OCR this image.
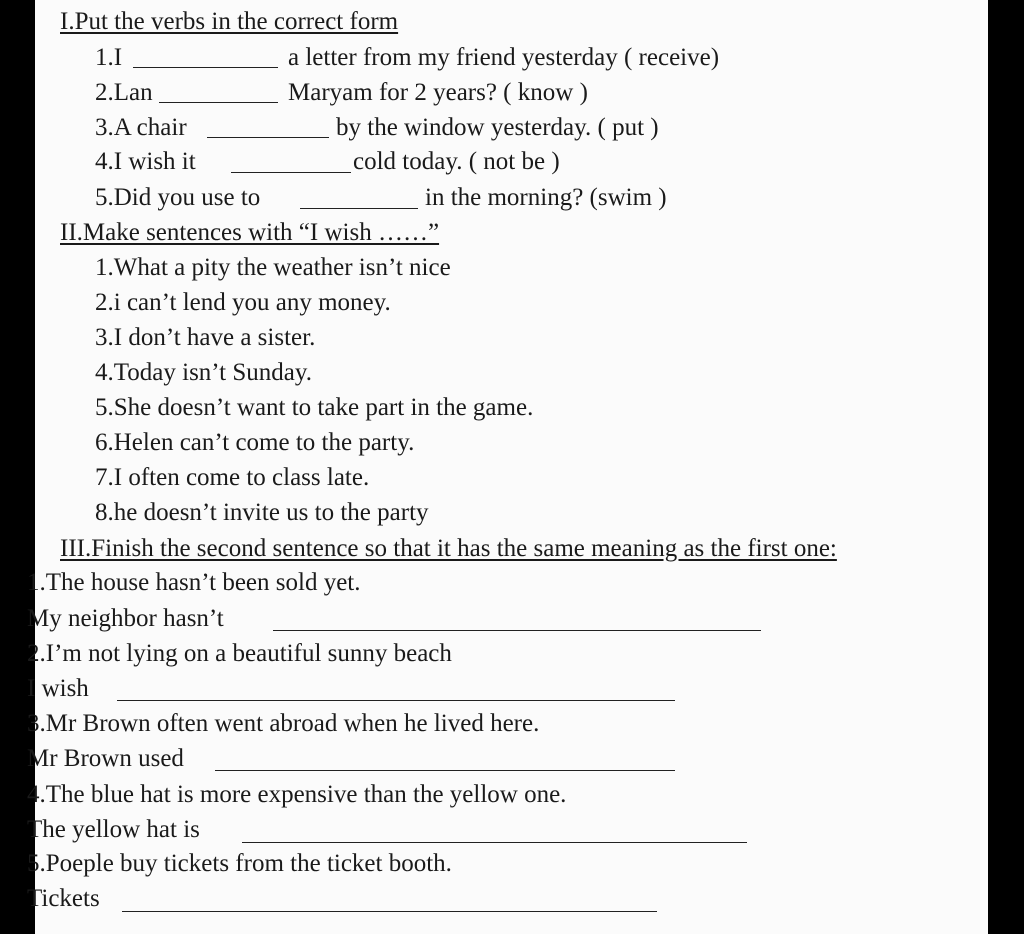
I.Put the verbs in the correct form
1.I	a letter from my friend yesterday ( receive)
2.Lan	Maryam for 2 years? ( know )
3.A chair	by the window yesterday. ( put )
4.I wish it	cold today. ( not be )
5.Did you use to	in the morning? (swim )
II.Make sentences with “I wish ……”
1.What a pity the weather isn’t nice
2.i can’t lend you any money.
3.I don’t have a sister.
4.Today isn’t Sunday.
5.She doesn’t want to take part in the game.
6.Helen can’t come to the party.
7.I often come to class late.
8.he doesn’t invite us to the party
III.Finish the second sentence so that it has the same meaning as the first one:
1.The house hasn’t been sold yet.
My neighbor hasn’t
2.I’m not lying on a beautiful sunny beach
I wish
3.Mr Brown often went abroad when he lived here.
Mr Brown used
4.The blue hat is more expensive than the yellow one.
The yellow hat is
5.Poeple buy tickets from the ticket booth.
Tickets
